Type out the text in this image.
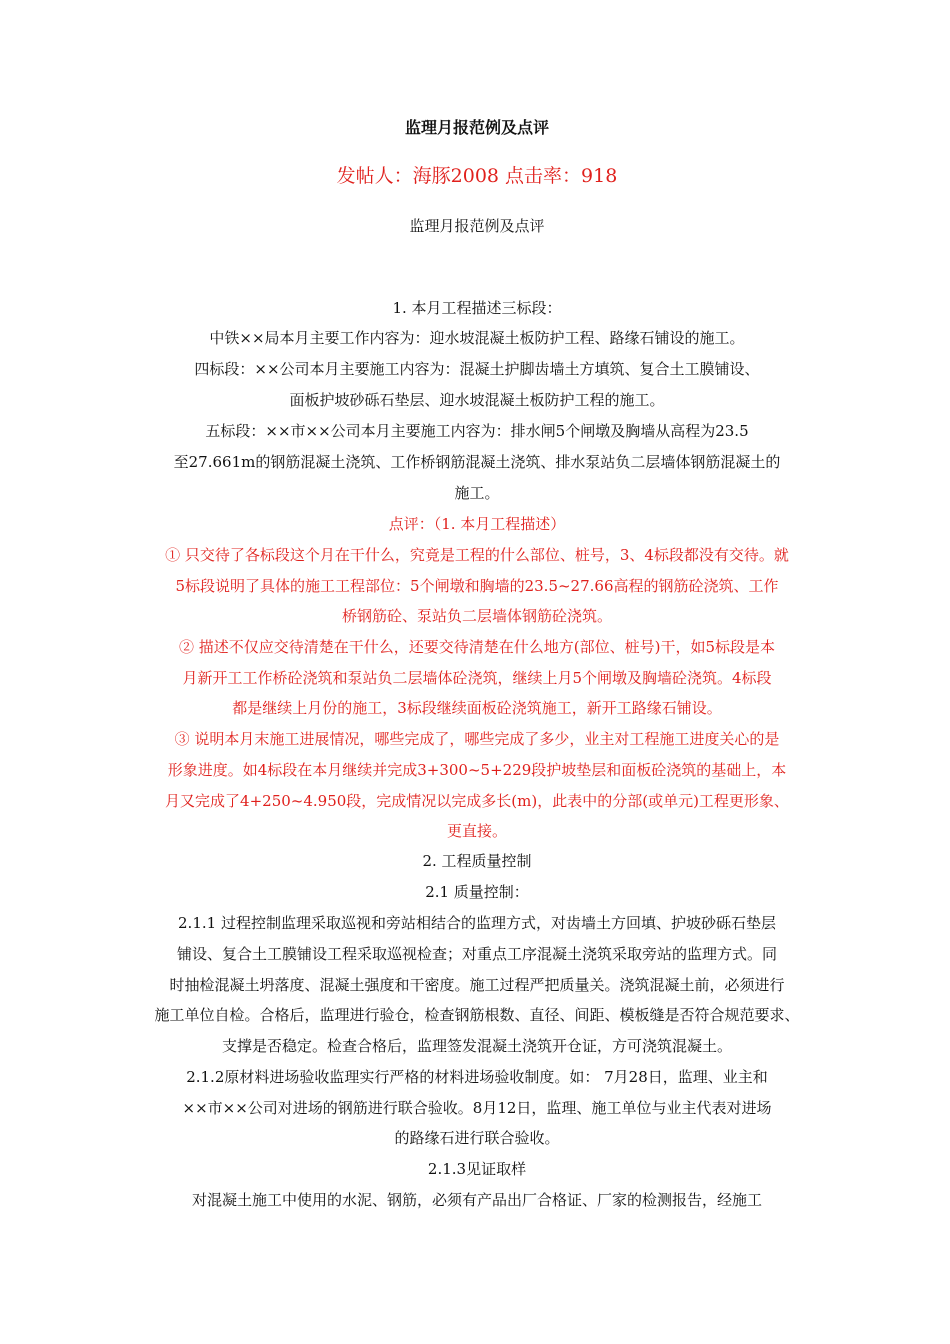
监理月报范例及点评
发帖人：海豚2008 点击率：918
监理月报范例及点评
1. 本月工程描述三标段：
中铁××局本月主要工作内容为：迎水坡混凝土板防护工程、路缘石铺设的施工。
四标段：××公司本月主要施工内容为：混凝土护脚齿墙土方填筑、复合土工膜铺设、
面板护坡砂砾石垫层、迎水坡混凝土板防护工程的施工。
五标段：××市××公司本月主要施工内容为：排水闸5个闸墩及胸墙从高程为23.5
至27.661m的钢筋混凝土浇筑、工作桥钢筋混凝土浇筑、排水泵站负二层墙体钢筋混凝土的
施工。
点评：（1. 本月工程描述）
① 只交待了各标段这个月在干什么，究竟是工程的什么部位、桩号，3、4标段都没有交待。就
5标段说明了具体的施工工程部位：5个闸墩和胸墙的23.5~27.66高程的钢筋砼浇筑、工作
桥钢筋砼、泵站负二层墙体钢筋砼浇筑。
② 描述不仅应交待清楚在干什么，还要交待清楚在什么地方(部位、桩号)干，如5标段是本
月新开工工作桥砼浇筑和泵站负二层墙体砼浇筑，继续上月5个闸墩及胸墙砼浇筑。4标段
都是继续上月份的施工，3标段继续面板砼浇筑施工，新开工路缘石铺设。
③ 说明本月末施工进展情况，哪些完成了，哪些完成了多少，业主对工程施工进度关心的是
形象进度。如4标段在本月继续并完成3+300~5+229段护坡垫层和面板砼浇筑的基础上，本
月又完成了4+250~4.950段，完成情况以完成多长(m)，此表中的分部(或单元)工程更形象、
更直接。
2. 工程质量控制
2.1 质量控制：
2.1.1 过程控制监理采取巡视和旁站相结合的监理方式，对齿墙土方回填、护坡砂砾石垫层
铺设、复合土工膜铺设工程采取巡视检查；对重点工序混凝土浇筑采取旁站的监理方式。同
时抽检混凝土坍落度、混凝土强度和干密度。施工过程严把质量关。浇筑混凝土前，必须进行
施工单位自检。合格后，监理进行验仓，检查钢筋根数、直径、间距、模板缝是否符合规范要求、
支撑是否稳定。检查合格后，监理签发混凝土浇筑开仓证，方可浇筑混凝土。
2.1.2原材料进场验收监理实行严格的材料进场验收制度。如： 7月28日，监理、业主和
××市××公司对进场的钢筋进行联合验收。8月12日，监理、施工单位与业主代表对进场
的路缘石进行联合验收。
2.1.3见证取样
对混凝土施工中使用的水泥、钢筋，必须有产品出厂合格证、厂家的检测报告，经施工
